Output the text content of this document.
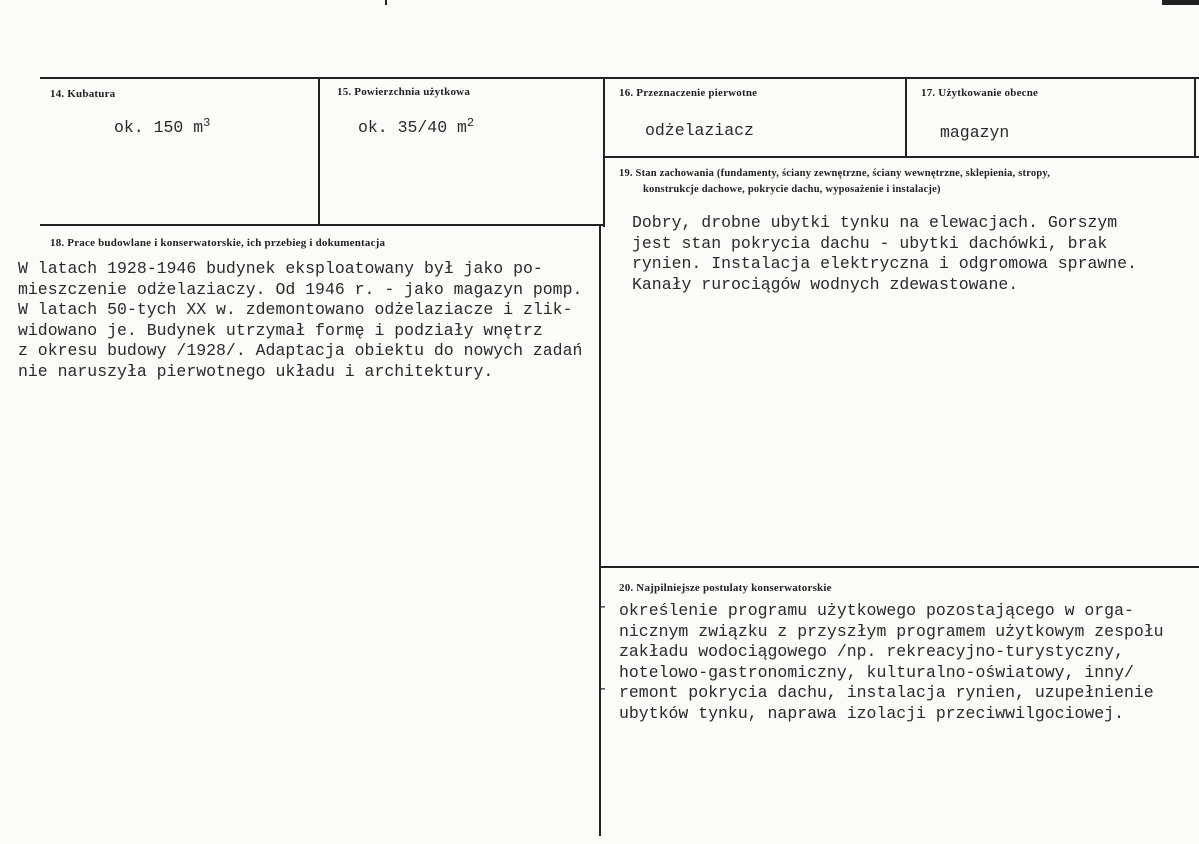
14. Kubatura
ok. 150 $m^3$
15. Powierzchnia użytkowa
ok. 35/40 $m^2$
16. Przeznaczenie pierwotne
odżelaziacz
17. Użytkowanie obecne
magazyn
18. Prace budowlane i konserwatorskie, ich przebieg i dokumentacja
W latach 1928-1946 budynek eksploatowany był jako po-
mieszczenie odżelaziaczy. Od 1946 r. - jako magazyn pomp.
W latach 50-tych XX w. zdemontowano odżelaziacze i zlik-
widowano je. Budynek utrzymał formę i podziały wnętrz
z okresu budowy /1928/. Adaptacja obiektu do nowych zadań
nie naruszyła pierwotnego układu i architektury.
19. Stan zachowania (fundamenty, ściany zewnętrzne, ściany wewnętrzne, sklepienia, stropy,
konstrukcje dachowe, pokrycie dachu, wyposażenie i instalacje)
Dobry, drobne ubytki tynku na elewacjach. Gorszym
jest stan pokrycia dachu - ubytki dachówki, brak
rynien. Instalacja elektryczna i odgromowa sprawne.
Kanały rurociągów wodnych zdewastowane.
20. Najpilniejsze postulaty konserwatorskie
-
-
określenie programu użytkowego pozostającego w orga-
nicznym związku z przyszłym programem użytkowym zespołu
zakładu wodociągowego /np. rekreacyjno-turystyczny,
hotelowo-gastronomiczny, kulturalno-oświatowy, inny/
remont pokrycia dachu, instalacja rynien, uzupełnienie
ubytków tynku, naprawa izolacji przeciwwilgociowej.
